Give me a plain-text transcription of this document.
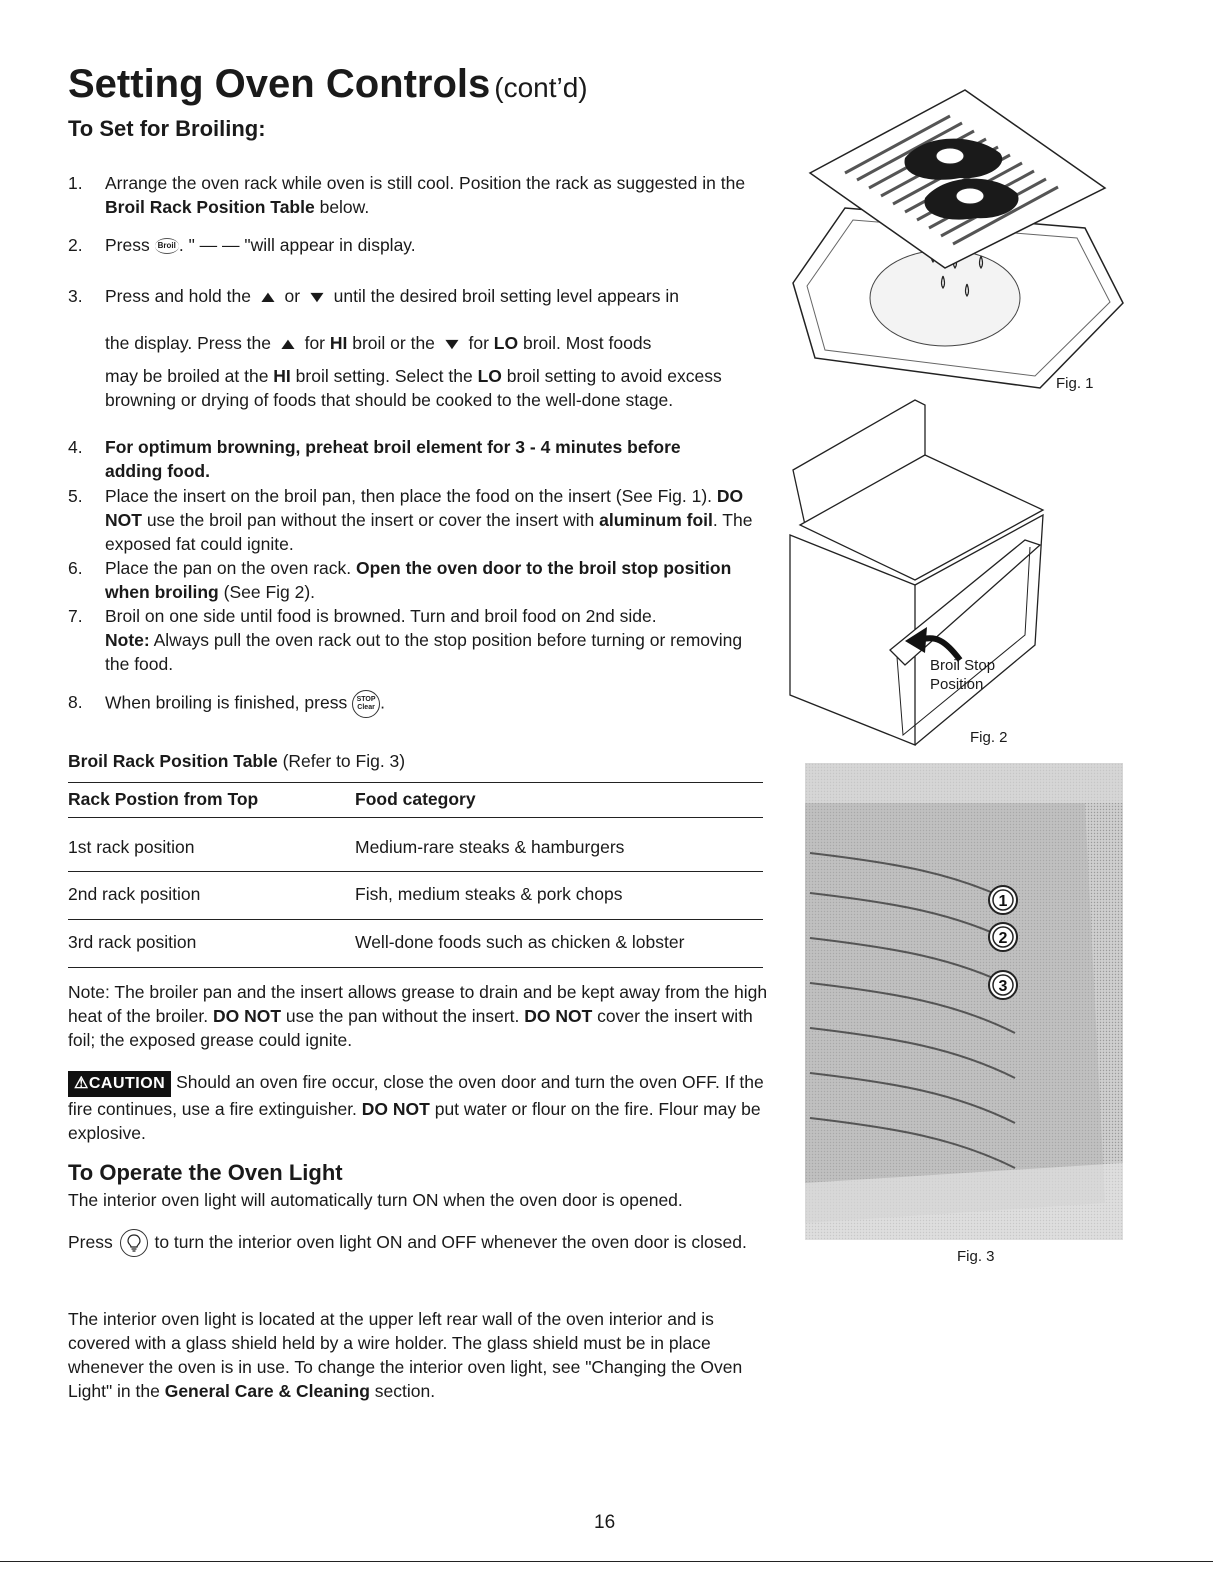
Setting Oven Controls (cont’d)
To Set for Broiling:
1. Arrange the oven rack while oven is still cool. Position the rack as suggested in the Broil Rack Position Table below.
2. Press Broil . " — — "will appear in display.
3. Press and hold the ▲ or ▼ until the desired broil setting level appears in
the display. Press the ▲ for HI broil or the ▼ for LO broil. Most foods
may be broiled at the HI broil setting. Select the LO broil setting to avoid excess browning or drying of foods that should be cooked to the well-done stage.
4. For optimum browning, preheat broil element for 3 - 4 minutes before adding food.
5. Place the insert on the broil pan, then place the food on the insert (See Fig. 1). DO NOT use the broil pan without the insert or cover the insert with aluminum foil. The exposed fat could ignite.
6. Place the pan on the oven rack. Open the oven door to the broil stop position when broiling (See Fig 2).
7. Broil on one side until food is browned. Turn and broil food on 2nd side.
Note: Always pull the oven rack out to the stop position before turning or removing the food.
8. When broiling is finished, press STOP
Clear .
Broil Rack Position Table (Refer to Fig. 3)
Rack Postion from Top	Food category
1st rack position	Medium-rare steaks & hamburgers
2nd rack position	Fish, medium steaks & pork chops
3rd rack position	Well-done foods such as chicken & lobster
Note: The broiler pan and the insert allows grease to drain and be kept away from the high heat of the broiler. DO NOT use the pan without the insert. DO NOT cover the insert with foil; the exposed grease could ignite.
⚠CAUTION Should an oven fire occur, close the oven door and turn the oven OFF. If the fire continues, use a fire extinguisher. DO NOT put water or flour on the fire. Flour may be explosive.
To Operate the Oven Light
The interior oven light will automatically turn ON when the oven door is opened.
Press
to turn the interior oven light ON and OFF whenever the oven door is closed.
The interior oven light is located at the upper left rear wall of the oven interior and is covered with a glass shield held by a wire holder. The glass shield must be in place whenever the oven is in use. To change the interior oven light, see "Changing the Oven Light" in the General Care & Cleaning section.
Fig. 1
Broil Stop
Position
Fig. 2
1
2
3
Fig. 3
16
